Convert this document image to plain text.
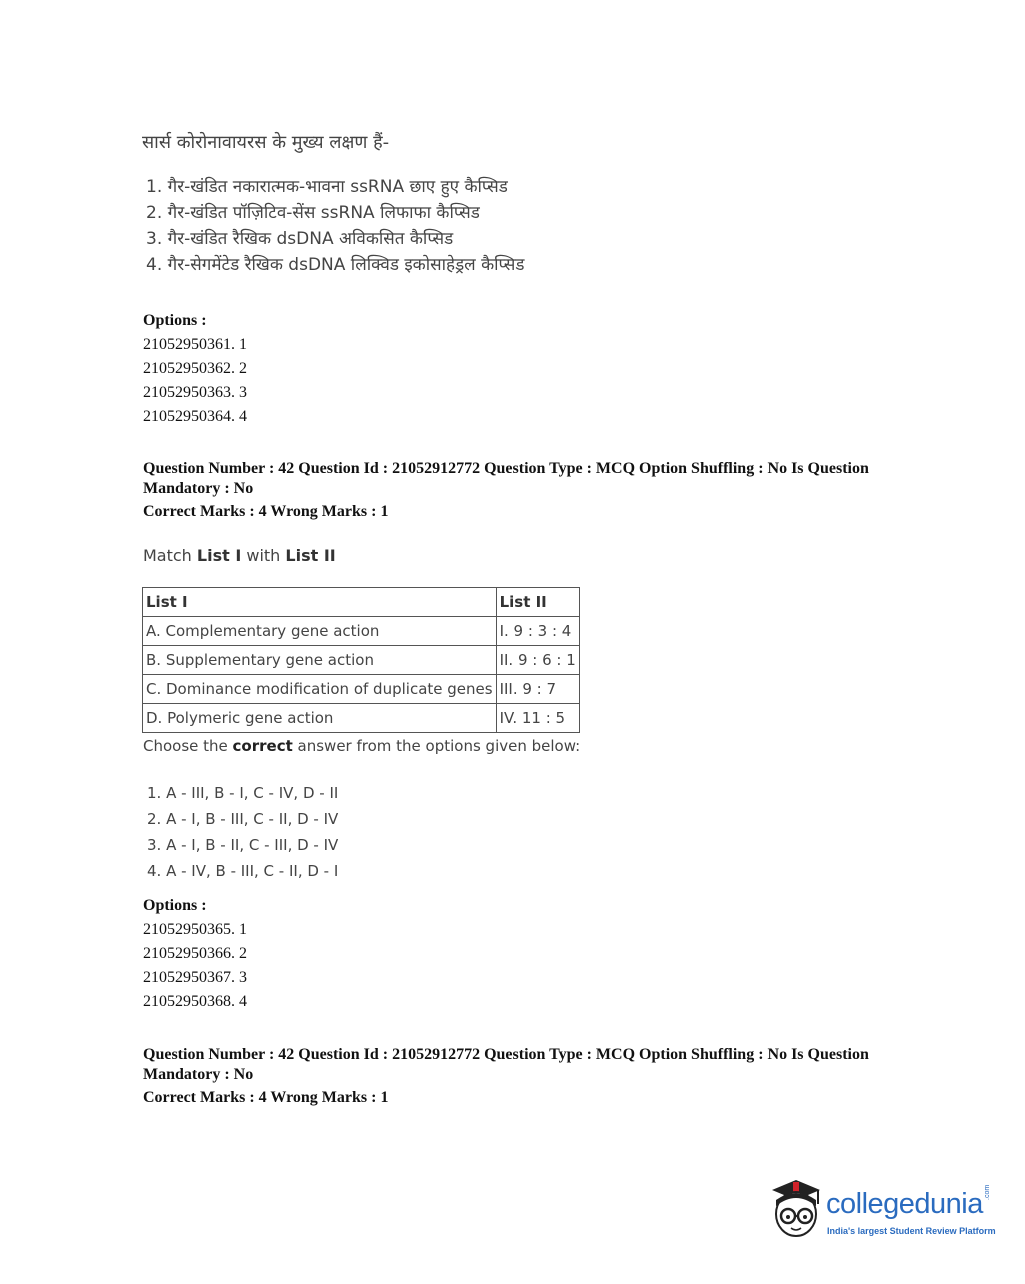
सार्स कोरोनावायरस के मुख्य लक्षण हैं-
1. गैर-खंडित नकारात्मक-भावना ssRNA छाए हुए कैप्सिड
2. गैर-खंडित पॉज़िटिव-सेंस ssRNA लिफाफा कैप्सिड
3. गैर-खंडित रैखिक dsDNA अविकसित कैप्सिड
4. गैर-सेगमेंटेड रैखिक dsDNA लिक्विड इकोसाहेड्रल कैप्सिड
Options :
21052950361. 1
21052950362. 2
21052950363. 3
21052950364. 4
Question Number : 42 Question Id : 21052912772 Question Type : MCQ Option Shuffling : No Is Question Mandatory : No
Correct Marks : 4 Wrong Marks : 1
Match List I with List II
List I	List II
A. Complementary gene action	I. 9 : 3 : 4
B. Supplementary gene action	II. 9 : 6 : 1
C. Dominance modification of duplicate genes	III. 9 : 7
D. Polymeric gene action	IV. 11 : 5
Choose the correct answer from the options given below:
1. A - III, B - I, C - IV, D - II
2. A - I, B - III, C - II, D - IV
3. A - I, B - II, C - III, D - IV
4. A - IV, B - III, C - II, D - I
Options :
21052950365. 1
21052950366. 2
21052950367. 3
21052950368. 4
Question Number : 42 Question Id : 21052912772 Question Type : MCQ Option Shuffling : No Is Question Mandatory : No
Correct Marks : 4 Wrong Marks : 1
collegedunia .com
India's largest Student Review Platform
